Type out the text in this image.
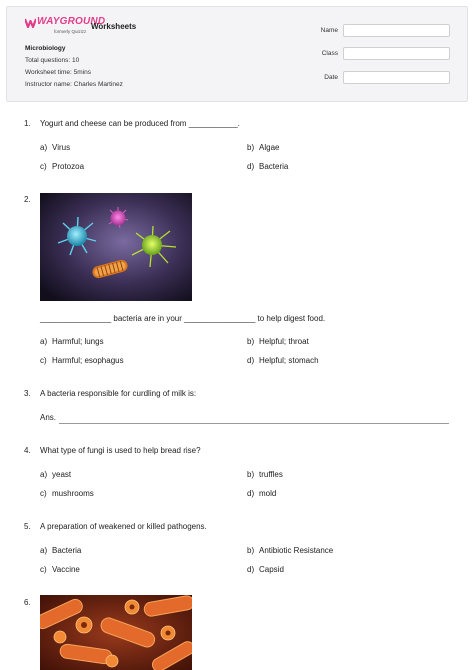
WAYGROUND
formerly Quizizz
Worksheets
Microbiology
Total questions: 10
Worksheet time: 5mins
Instructor name: Charles Martinez
Name
Class
Date
1. Yogurt and cheese can be produced from ___________.
a) Virus	b) Algae
c) Protozoa	d) Bacteria
2.
________________ bacteria are in your ________________ to help digest food.
a) Harmful; lungs	b) Helpful; throat
c) Harmful; esophagus	d) Helpful; stomach
3. A bacteria responsible for curdling of milk is:
Ans.
4. What type of fungi is used to help bread rise?
a) yeast	b) truffles
c) mushrooms	d) mold
5. A preparation of weakened or killed pathogens.
a) Bacteria	b) Antibiotic Resistance
c) Vaccine	d) Capsid
6.
